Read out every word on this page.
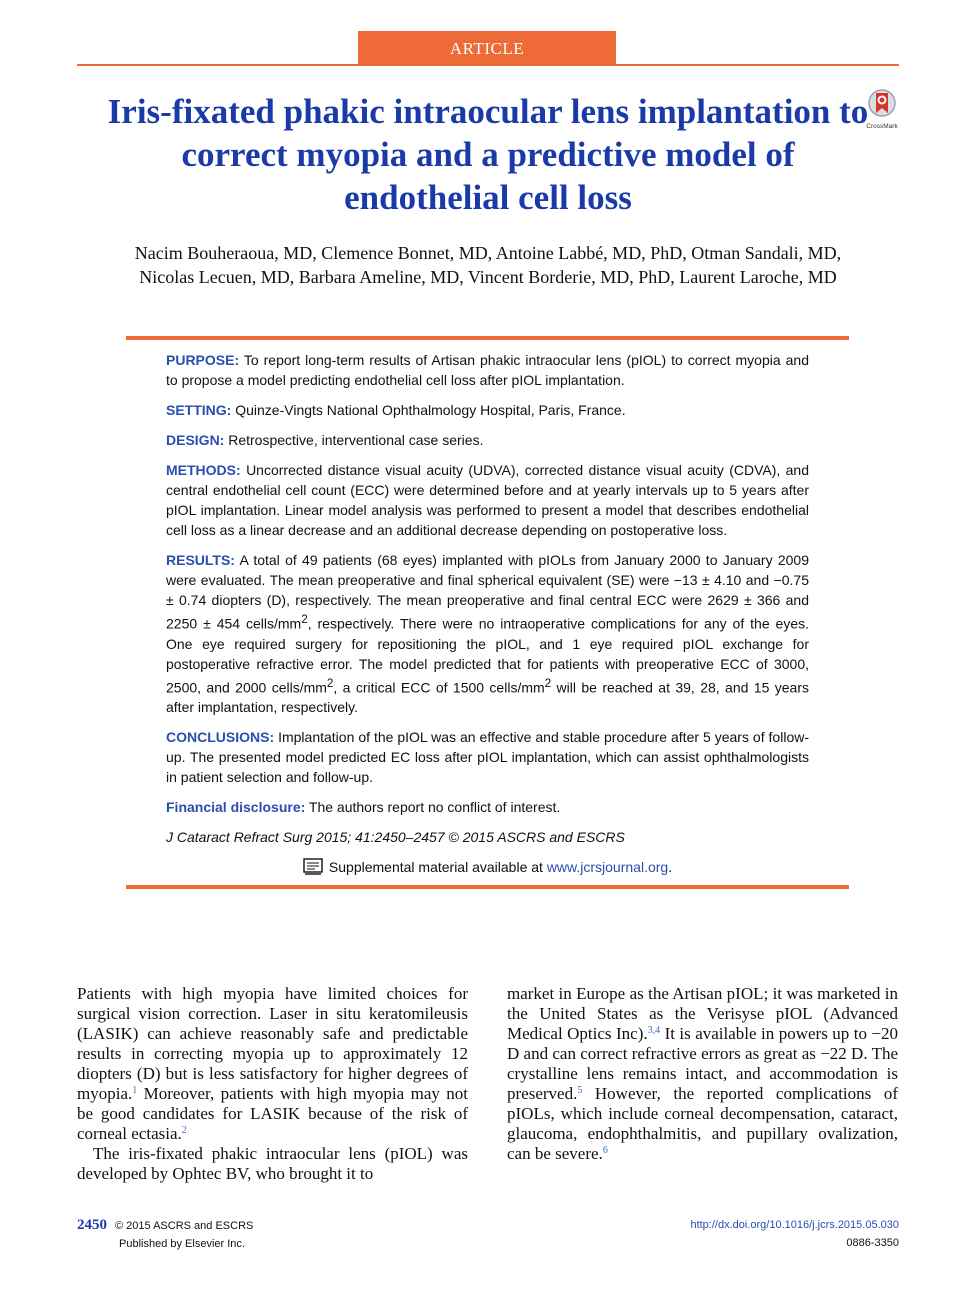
ARTICLE
Iris-fixated phakic intraocular lens implantation to correct myopia and a predictive model of endothelial cell loss
CrossMark
Nacim Bouheraoua, MD, Clemence Bonnet, MD, Antoine Labbé, MD, PhD, Otman Sandali, MD,
Nicolas Lecuen, MD, Barbara Ameline, MD, Vincent Borderie, MD, PhD, Laurent Laroche, MD

PURPOSE: To report long-term results of Artisan phakic intraocular lens (pIOL) to correct myopia and to propose a model predicting endothelial cell loss after pIOL implantation.

SETTING: Quinze-Vingts National Ophthalmology Hospital, Paris, France.

DESIGN: Retrospective, interventional case series.

METHODS: Uncorrected distance visual acuity (UDVA), corrected distance visual acuity (CDVA), and central endothelial cell count (ECC) were determined before and at yearly intervals up to 5 years after pIOL implantation. Linear model analysis was performed to present a model that describes endothelial cell loss as a linear decrease and an additional decrease depending on postoperative loss.

RESULTS: A total of 49 patients (68 eyes) implanted with pIOLs from January 2000 to January 2009 were evaluated. The mean preoperative and final spherical equivalent (SE) were −13 ± 4.10 and −0.75 ± 0.74 diopters (D), respectively. The mean preoperative and final central ECC were 2629 ± 366 and 2250 ± 454 cells/$mm^2$, respectively. There were no intraoperative complications for any of the eyes. One eye required surgery for repositioning the pIOL, and 1 eye required pIOL exchange for postoperative refractive error. The model predicted that for patients with preoperative ECC of 3000, 2500, and 2000 cells/$mm^2$, a critical ECC of 1500 cells/$mm^2$ will be reached at 39, 28, and 15 years after implantation, respectively.

CONCLUSIONS: Implantation of the pIOL was an effective and stable procedure after 5 years of follow-up. The presented model predicted EC loss after pIOL implantation, which can assist ophthalmologists in patient selection and follow-up.

Financial disclosure: The authors report no conflict of interest.

J Cataract Refract Surg 2015; 41:2450–2457 © 2015 ASCRS and ESCRS

Supplemental material available at www.jcrsjournal.org.

Patients with high myopia have limited choices for surgical vision correction. Laser in situ keratomileusis (LASIK) can achieve reasonably safe and predictable results in correcting myopia up to approximately 12 diopters (D) but is less satisfactory for higher degrees of myopia.$^1$ Moreover, patients with high myopia may not be good candidates for LASIK because of the risk of corneal ectasia.$^2$

The iris-fixated phakic intraocular lens (pIOL) was developed by Ophtec BV, who brought it to

market in Europe as the Artisan pIOL; it was marketed in the United States as the Verisyse pIOL (Advanced Medical Optics Inc).$^{3,4}$ It is available in powers up to −20 D and can correct refractive errors as great as −22 D. The crystalline lens remains intact, and accommodation is preserved.$^5$ However, the reported complications of pIOLs, which include corneal decompensation, cataract, glaucoma, endophthalmitis, and pupillary ovalization, can be severe.$^6$

2450 © 2015 ASCRS and ESCRS
Published by Elsevier Inc.
http://dx.doi.org/10.1016/j.jcrs.2015.05.030
0886-3350
